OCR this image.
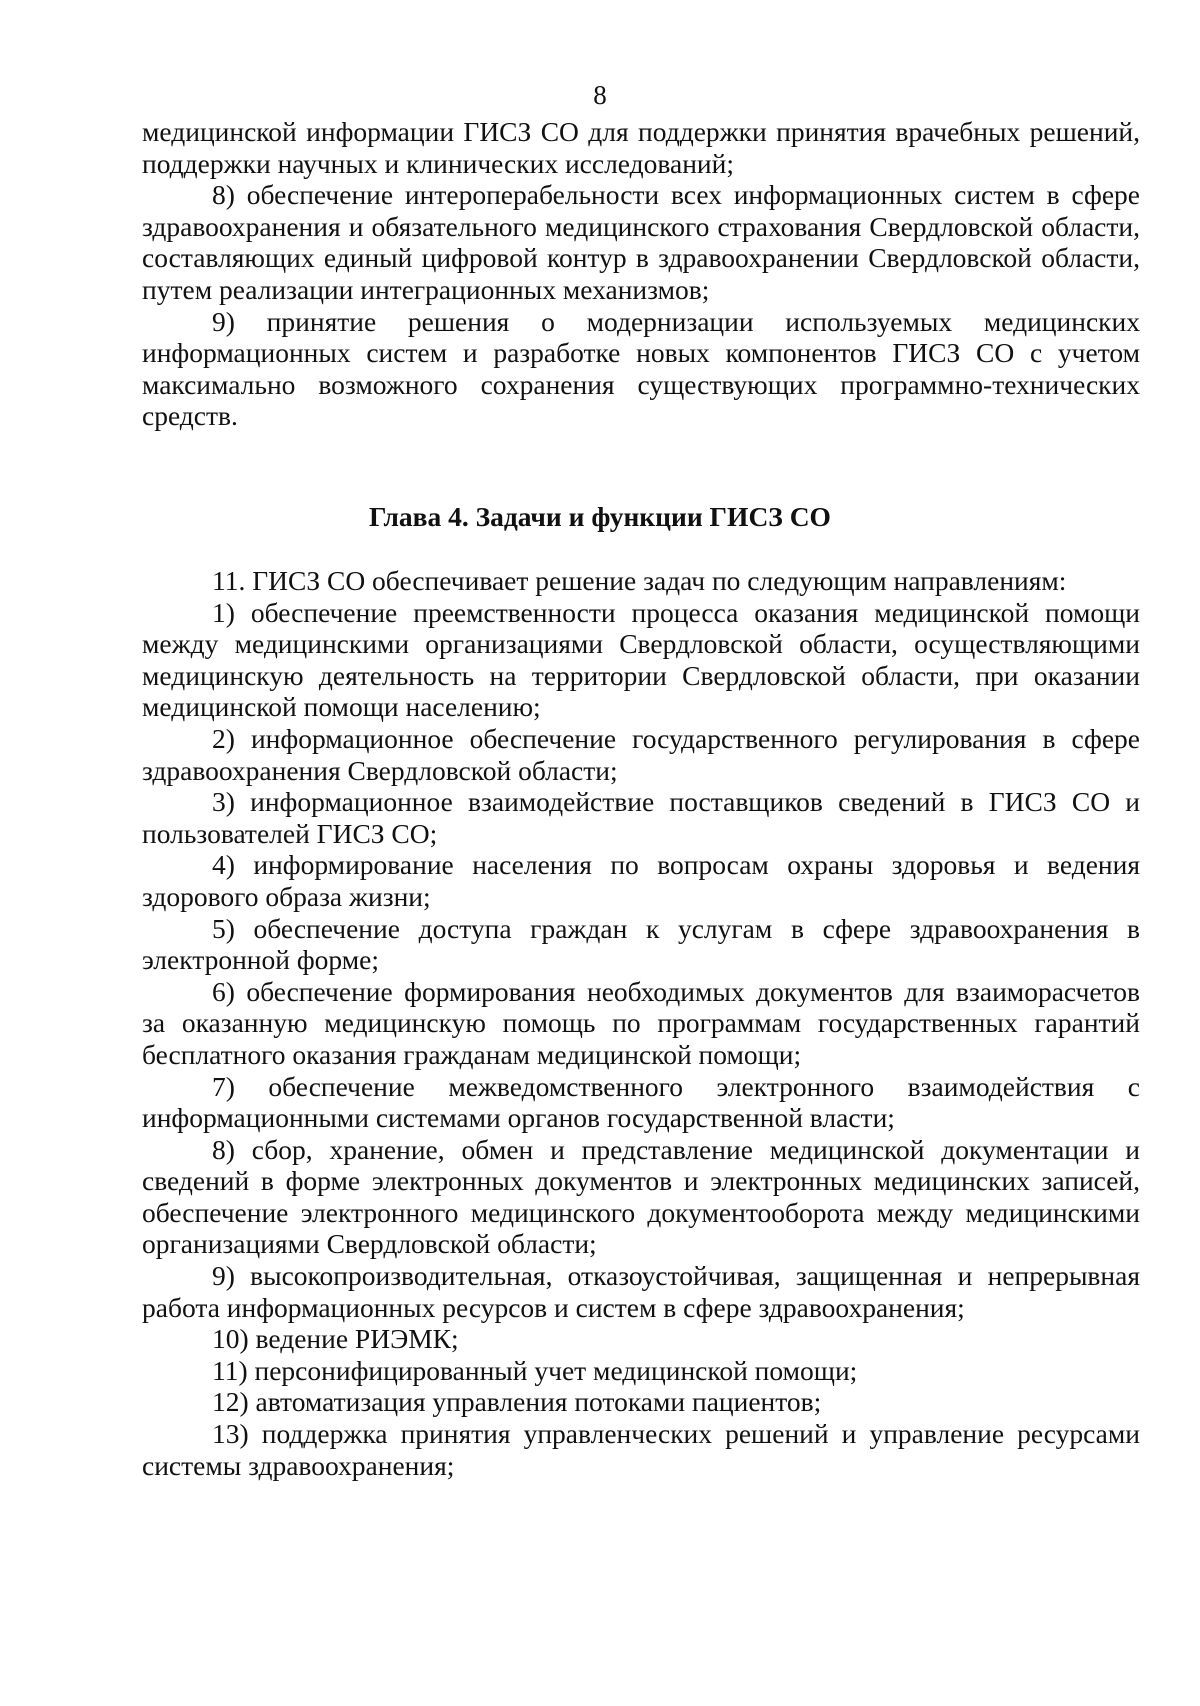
8

медицинской информации ГИСЗ СО для поддержки принятия врачебных решений, поддержки научных и клинических исследований;

8) обеспечение интероперабельности всех информационных систем в сфере здравоохранения и обязательного медицинского страхования Свердловской области, составляющих единый цифровой контур в здравоохранении Свердловской области, путем реализации интеграционных механизмов;

9) принятие решения о модернизации используемых медицинских информационных систем и разработке новых компонентов ГИСЗ СО с учетом максимально возможного сохранения существующих программно-технических средств.

Глава 4. Задачи и функции ГИСЗ СО

11. ГИСЗ СО обеспечивает решение задач по следующим направлениям:

1) обеспечение преемственности процесса оказания медицинской помощи между медицинскими организациями Свердловской области, осуществляющими медицинскую деятельность на территории Свердловской области, при оказании медицинской помощи населению;

2) информационное обеспечение государственного регулирования в сфере здравоохранения Свердловской области;

3) информационное взаимодействие поставщиков сведений в ГИСЗ СО и пользователей ГИСЗ СО;

4) информирование населения по вопросам охраны здоровья и ведения здорового образа жизни;

5) обеспечение доступа граждан к услугам в сфере здравоохранения в электронной форме;

6) обеспечение формирования необходимых документов для взаиморасчетов за оказанную медицинскую помощь по программам государственных гарантий бесплатного оказания гражданам медицинской помощи;

7) обеспечение межведомственного электронного взаимодействия с информационными системами органов государственной власти;

8) сбор, хранение, обмен и представление медицинской документации и сведений в форме электронных документов и электронных медицинских записей, обеспечение электронного медицинского документооборота между медицинскими организациями Свердловской области;

9) высокопроизводительная, отказоустойчивая, защищенная и непрерывная работа информационных ресурсов и систем в сфере здравоохранения;

10) ведение РИЭМК;

11) персонифицированный учет медицинской помощи;

12) автоматизация управления потоками пациентов;

13) поддержка принятия управленческих решений и управление ресурсами системы здравоохранения;
